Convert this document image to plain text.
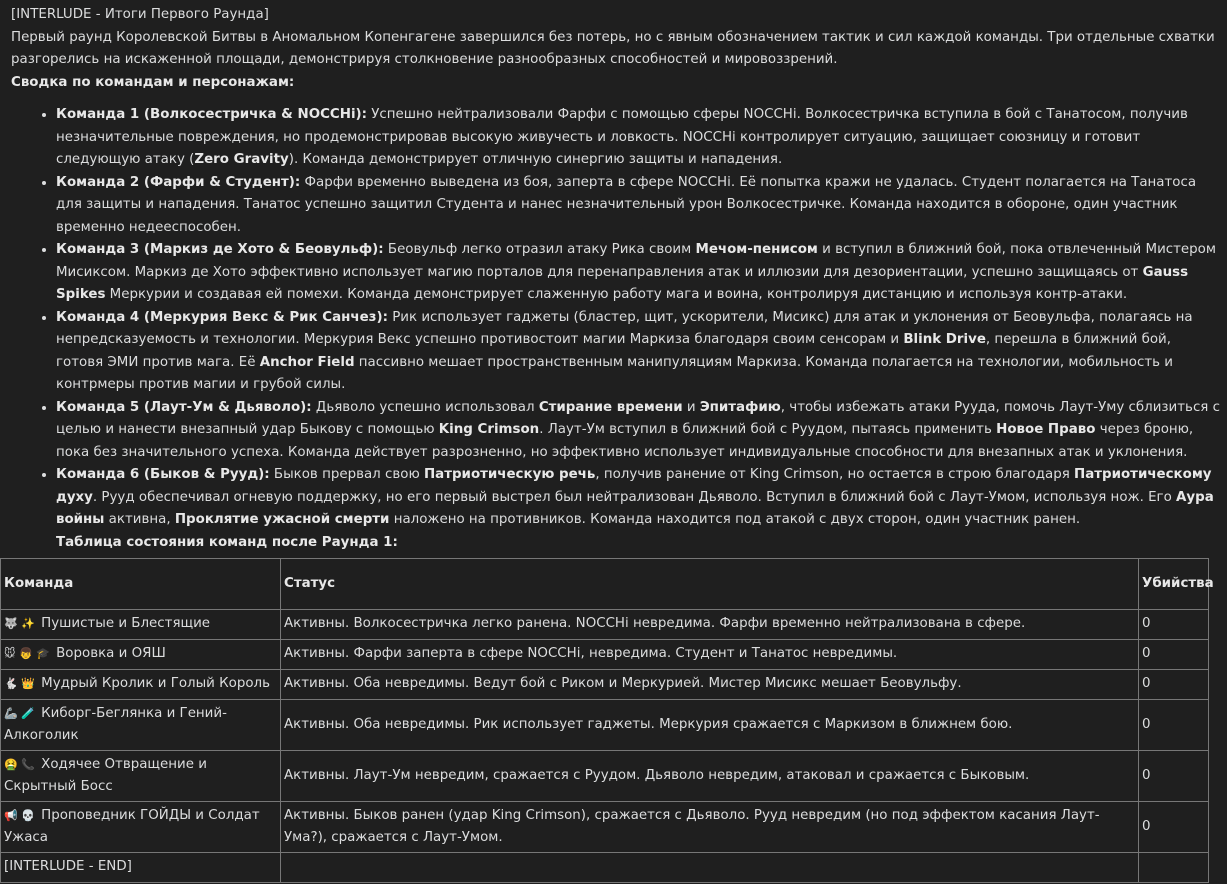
[INTERLUDE - Итоги Первого Раунда]

Первый раунд Королевской Битвы в Аномальном Копенгагене завершился без потерь, но с явным обозначением тактик и сил каждой команды. Три отдельные схватки разгорелись на искаженной площади, демонстрируя столкновение разнообразных способностей и мировоззрений.

Сводка по командам и персонажам:

• Команда 1 (Волкосестричка & NOCCHi): Успешно нейтрализовали Фарфи с помощью сферы NOCCHi. Волкосестричка вступила в бой с Танатосом, получив незначительные повреждения, но продемонстрировав высокую живучесть и ловкость. NOCCHi контролирует ситуацию, защищает союзницу и готовит следующую атаку (Zero Gravity). Команда демонстрирует отличную синергию защиты и нападения.
• Команда 2 (Фарфи & Студент): Фарфи временно выведена из боя, заперта в сфере NOCCHi. Её попытка кражи не удалась. Студент полагается на Танатоса для защиты и нападения. Танатос успешно защитил Студента и нанес незначительный урон Волкосестричке. Команда находится в обороне, один участник временно недееспособен.
• Команда 3 (Маркиз де Хото & Беовульф): Беовульф легко отразил атаку Рика своим Мечом-пенисом и вступил в ближний бой, пока отвлеченный Мистером Мисиксом. Маркиз де Хото эффективно использует магию порталов для перенаправления атак и иллюзии для дезориентации, успешно защищаясь от Gauss Spikes Меркурии и создавая ей помехи. Команда демонстрирует слаженную работу мага и воина, контролируя дистанцию и используя контр-атаки.
• Команда 4 (Меркурия Векс & Рик Санчез): Рик использует гаджеты (бластер, щит, ускорители, Мисикс) для атак и уклонения от Беовульфа, полагаясь на непредсказуемость и технологии. Меркурия Векс успешно противостоит магии Маркиза благодаря своим сенсорам и Blink Drive, перешла в ближний бой, готовя ЭМИ против мага. Её Anchor Field пассивно мешает пространственным манипуляциям Маркиза. Команда полагается на технологии, мобильность и контрмеры против магии и грубой силы.
• Команда 5 (Лаут-Ум & Дьяволо): Дьяволо успешно использовал Стирание времени и Эпитафию, чтобы избежать атаки Рууда, помочь Лаут-Уму сблизиться с целью и нанести внезапный удар Быкову с помощью King Crimson. Лаут-Ум вступил в ближний бой с Руудом, пытаясь применить Новое Право через броню, пока без значительного успеха. Команда действует разрозненно, но эффективно использует индивидуальные способности для внезапных атак и уклонения.
• Команда 6 (Быков & Рууд): Быков прервал свою Патриотическую речь, получив ранение от King Crimson, но остается в строю благодаря Патриотическому духу. Рууд обеспечивал огневую поддержку, но его первый выстрел был нейтрализован Дьяволо. Вступил в ближний бой с Лаут-Умом, используя нож. Его Аура войны активна, Проклятие ужасной смерти наложено на противников. Команда находится под атакой с двух сторон, один участник ранен.
Таблица состояния команд после Раунда 1:
Команда	Статус	Убийства
🐺 ✨ Пушистые и Блестящие	Активны. Волкосестричка легко ранена. NOCCHi невредима. Фарфи временно нейтрализована в сфере.	0
🐭 👦 🎓 Воровка и ОЯШ	Активны. Фарфи заперта в сфере NOCCHi, невредима. Студент и Танатос невредимы.	0
🐇 👑 Мудрый Кролик и Голый Король	Активны. Оба невредимы. Ведут бой с Риком и Меркурией. Мистер Мисикс мешает Беовульфу.	0
🦾 🧪 Киборг-Беглянка и Гений-Алкоголик	Активны. Оба невредимы. Рик использует гаджеты. Меркурия сражается с Маркизом в ближнем бою.	0
🤮 📞 Ходячее Отвращение и Скрытный Босс	Активны. Лаут-Ум невредим, сражается с Руудом. Дьяволо невредим, атаковал и сражается с Быковым.	0
📢 💀 Проповедник ГОЙДЫ и Солдат Ужаса	Активны. Быков ранен (удар King Crimson), сражается с Дьяволо. Рууд невредим (но под эффектом касания Лаут-Ума?), сражается с Лаут-Умом.	0
[INTERLUDE - END]		
